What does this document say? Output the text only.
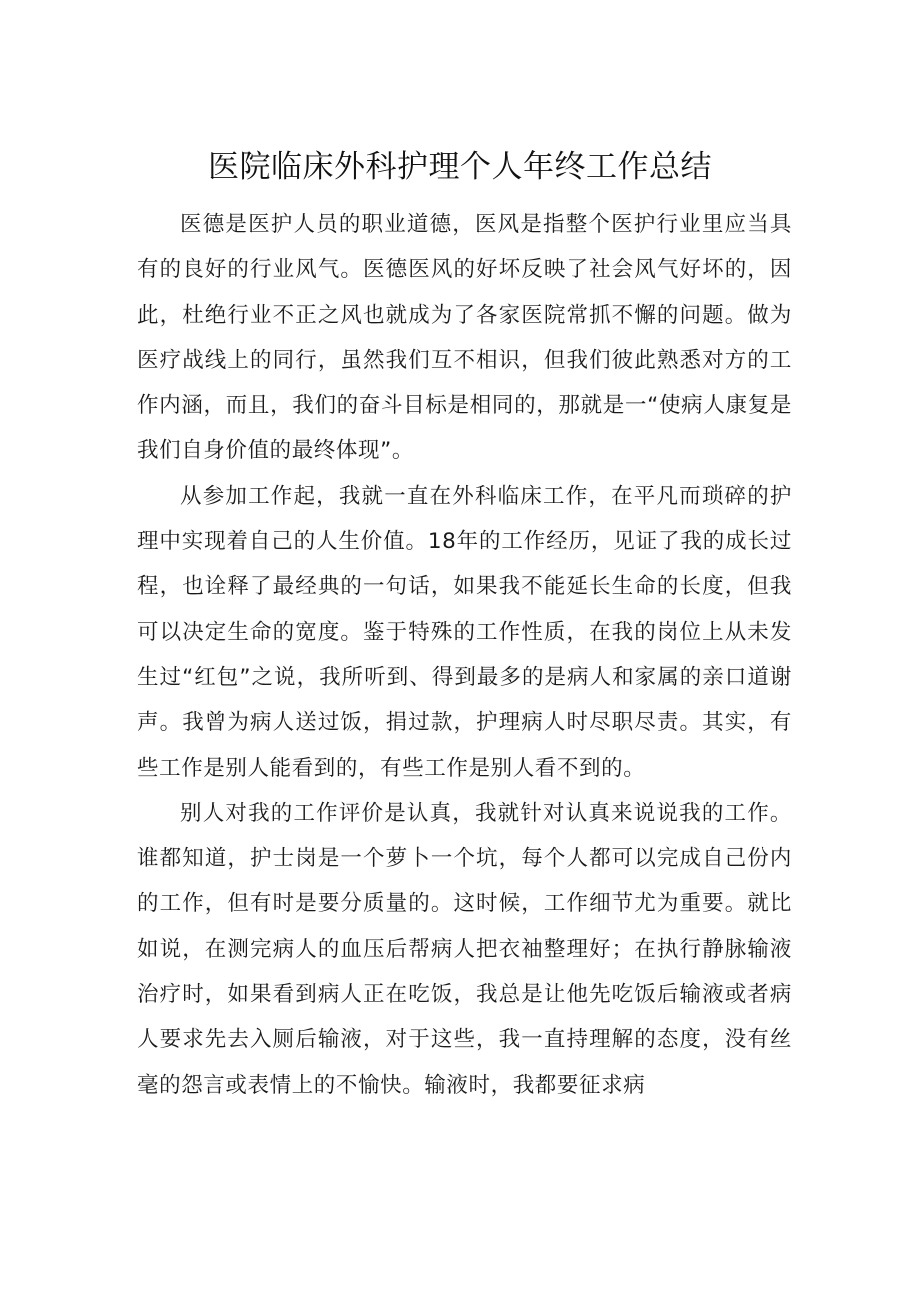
医院临床外科护理个人年终工作总结

医德是医护人员的职业道德，医风是指整个医护行业里应当具有的良好的行业风气。医德医风的好坏反映了社会风气好坏的，因此，杜绝行业不正之风也就成为了各家医院常抓不懈的问题。做为医疗战线上的同行，虽然我们互不相识，但我们彼此熟悉对方的工作内涵，而且，我们的奋斗目标是相同的，那就是一“使病人康复是我们自身价值的最终体现”。

从参加工作起，我就一直在外科临床工作，在平凡而琐碎的护理中实现着自己的人生价值。18年的工作经历，见证了我的成长过程，也诠释了最经典的一句话，如果我不能延长生命的长度，但我可以决定生命的宽度。鉴于特殊的工作性质，在我的岗位上从未发生过“红包”之说，我所听到、得到最多的是病人和家属的亲口道谢声。我曾为病人送过饭，捐过款，护理病人时尽职尽责。其实，有些工作是别人能看到的，有些工作是别人看不到的。

别人对我的工作评价是认真，我就针对认真来说说我的工作。谁都知道，护士岗是一个萝卜一个坑，每个人都可以完成自己份内的工作，但有时是要分质量的。这时候，工作细节尤为重要。就比如说，在测完病人的血压后帮病人把衣袖整理好；在执行静脉输液治疗时，如果看到病人正在吃饭，我总是让他先吃饭后输液或者病人要求先去入厕后输液，对于这些，我一直持理解的态度，没有丝毫的怨言或表情上的不愉快。输液时，我都要征求病
